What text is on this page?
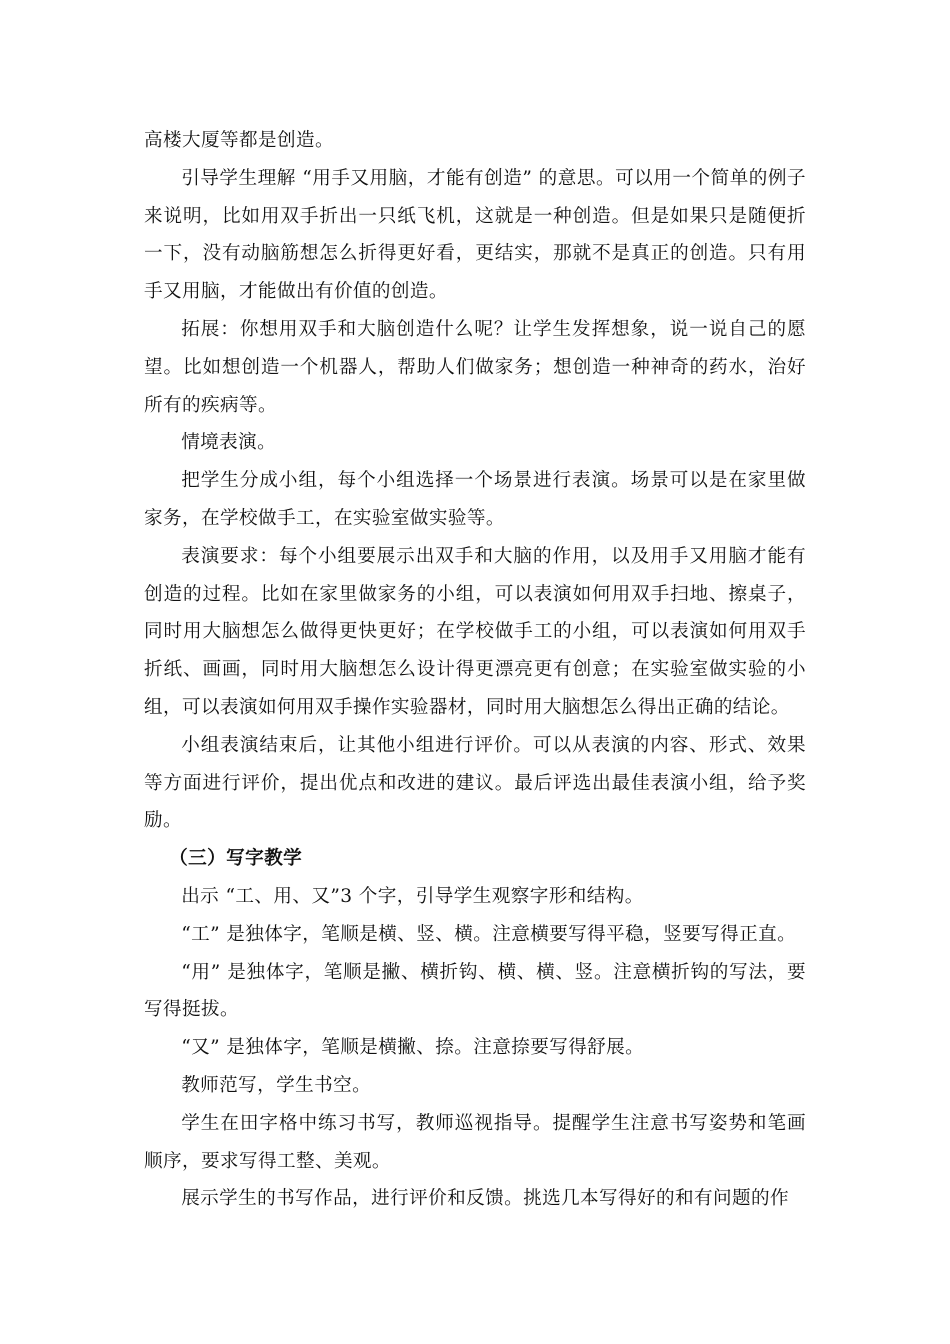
高楼大厦等都是创造。

引导学生理解 “用手又用脑，才能有创造” 的意思。可以用一个简单的例子来说明，比如用双手折出一只纸飞机，这就是一种创造。但是如果只是随便折一下，没有动脑筋想怎么折得更好看，更结实，那就不是真正的创造。只有用手又用脑，才能做出有价值的创造。

拓展：你想用双手和大脑创造什么呢？让学生发挥想象，说一说自己的愿望。比如想创造一个机器人，帮助人们做家务；想创造一种神奇的药水，治好所有的疾病等。

情境表演。

把学生分成小组，每个小组选择一个场景进行表演。场景可以是在家里做家务，在学校做手工，在实验室做实验等。

表演要求：每个小组要展示出双手和大脑的作用，以及用手又用脑才能有创造的过程。比如在家里做家务的小组，可以表演如何用双手扫地、擦桌子，同时用大脑想怎么做得更快更好；在学校做手工的小组，可以表演如何用双手折纸、画画，同时用大脑想怎么设计得更漂亮更有创意；在实验室做实验的小组，可以表演如何用双手操作实验器材，同时用大脑想怎么得出正确的结论。

小组表演结束后，让其他小组进行评价。可以从表演的内容、形式、效果等方面进行评价，提出优点和改进的建议。最后评选出最佳表演小组，给予奖励。

（三）写字教学

出示 “工、用、又”3 个字，引导学生观察字形和结构。

“工” 是独体字，笔顺是横、竖、横。注意横要写得平稳，竖要写得正直。

“用” 是独体字，笔顺是撇、横折钩、横、横、竖。注意横折钩的写法，要写得挺拔。

“又” 是独体字，笔顺是横撇、捺。注意捺要写得舒展。

教师范写，学生书空。

学生在田字格中练习书写，教师巡视指导。提醒学生注意书写姿势和笔画顺序，要求写得工整、美观。

展示学生的书写作品，进行评价和反馈。挑选几本写得好的和有问题的作
